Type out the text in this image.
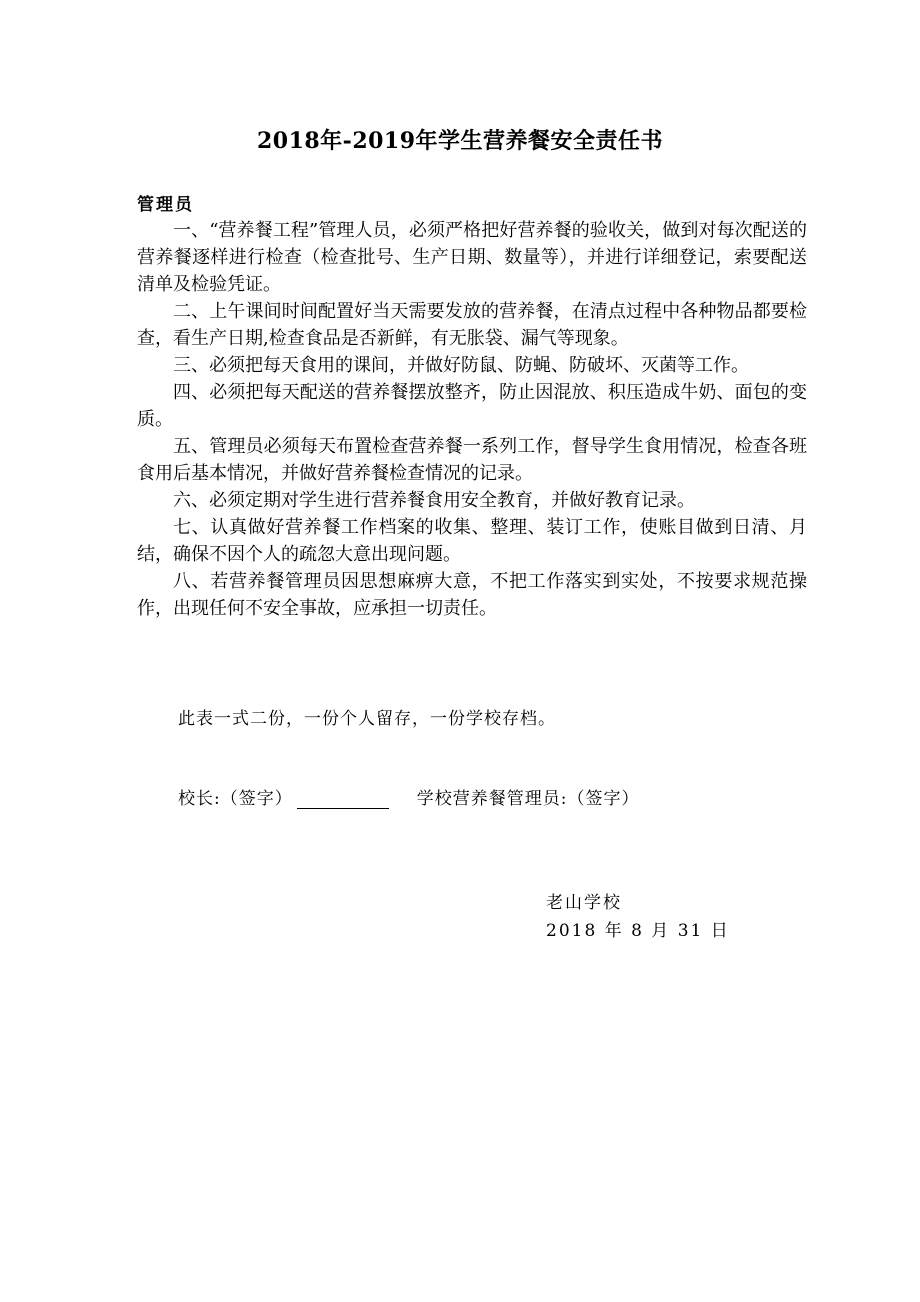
2018年-2019年学生营养餐安全责任书
管理员

一、“营养餐工程”管理人员，必须严格把好营养餐的验收关，做到对每次配送的营养餐逐样进行检查（检查批号、生产日期、数量等），并进行详细登记，索要配送清单及检验凭证。

二、上午课间时间配置好当天需要发放的营养餐，在清点过程中各种物品都要检查，看生产日期,检查食品是否新鲜，有无胀袋、漏气等现象。

三、必须把每天食用的课间，并做好防鼠、防蝇、防破坏、灭菌等工作。

四、必须把每天配送的营养餐摆放整齐，防止因混放、积压造成牛奶、面包的变质。

五、管理员必须每天布置检查营养餐一系列工作，督导学生食用情况，检查各班食用后基本情况，并做好营养餐检查情况的记录。

六、必须定期对学生进行营养餐食用安全教育，并做好教育记录。

七、认真做好营养餐工作档案的收集、整理、装订工作，使账目做到日清、月结，确保不因个人的疏忽大意出现问题。

八、若营养餐管理员因思想麻痹大意，不把工作落实到实处，不按要求规范操作，出现任何不安全事故，应承担一切责任。

此表一式二份，一份个人留存，一份学校存档。
校长:（签字）	学校营养餐管理员:（签字）
老山学校
2018 年 8 月 31 日
